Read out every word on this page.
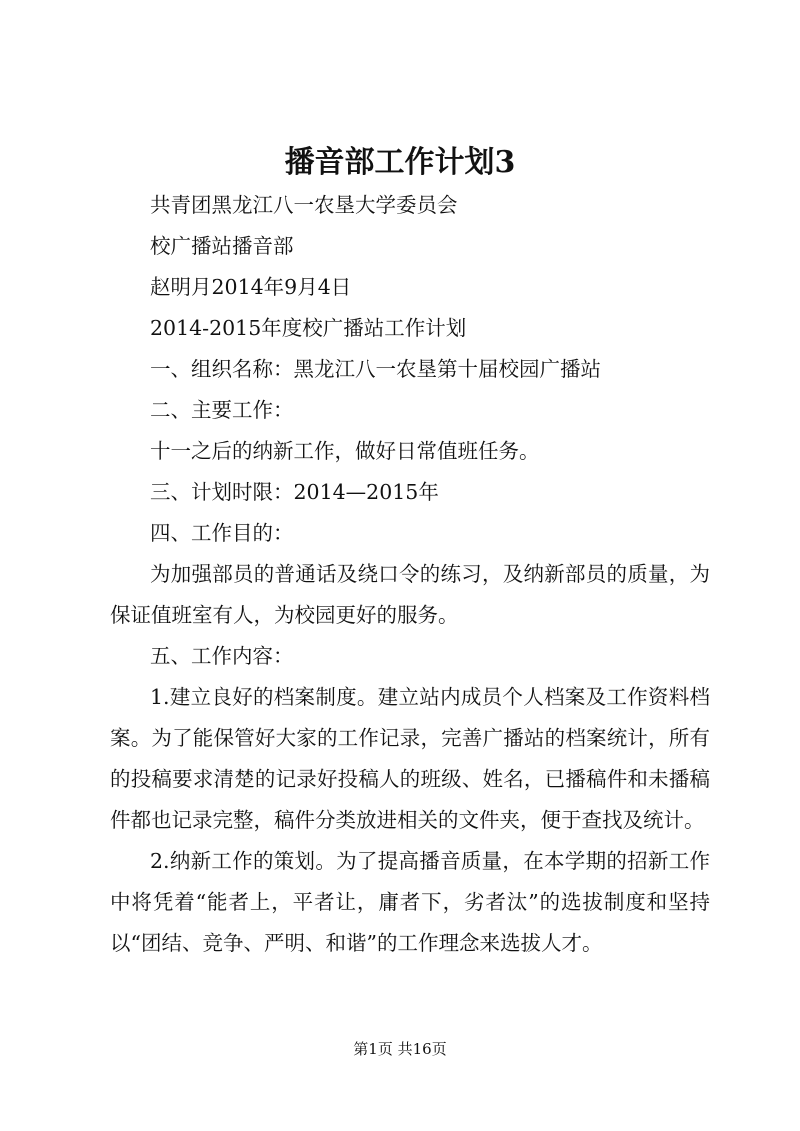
播音部工作计划3
共青团黑龙江八一农垦大学委员会
校广播站播音部
赵明月2014年9月4日
2014-2015年度校广播站工作计划
一、组织名称：黑龙江八一农垦第十届校园广播站
二、主要工作：
十一之后的纳新工作，做好日常值班任务。
三、计划时限：2014—2015年
四、工作目的：
为加强部员的普通话及绕口令的练习，及纳新部员的质量，为保证值班室有人，为校园更好的服务。
五、工作内容：
1.建立良好的档案制度。建立站内成员个人档案及工作资料档案。为了能保管好大家的工作记录，完善广播站的档案统计，所有的投稿要求清楚的记录好投稿人的班级、姓名，已播稿件和未播稿件都也记录完整，稿件分类放进相关的文件夹，便于查找及统计。
2.纳新工作的策划。为了提高播音质量，在本学期的招新工作中将凭着“能者上，平者让，庸者下，劣者汰”的选拔制度和坚持以“团结、竞争、严明、和谐”的工作理念来选拔人才。
第1页 共16页
